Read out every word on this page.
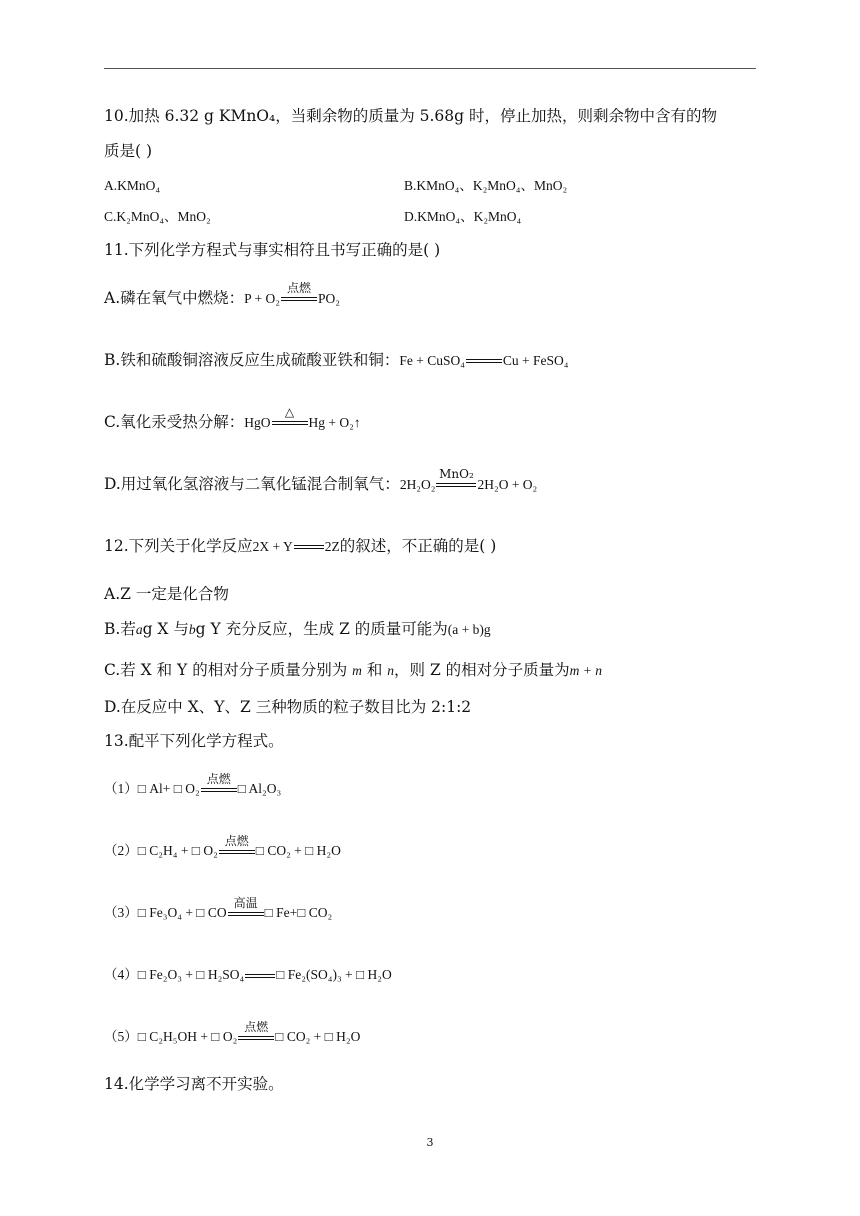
10.加热 6.32 g KMnO₄，当剩余物的质量为 5.68g 时，停止加热，则剩余物中含有的物
质是( )
A.KMnO₄	B.KMnO₄、K₂MnO₄、MnO₂
C.K₂MnO₄、MnO₂	D.KMnO₄、K₂MnO₄
11.下列化学方程式与事实相符且书写正确的是( )
A.磷在氧气中燃烧：P + O₂
点燃
PO₂
B.铁和硫酸铜溶液反应生成硫酸亚铁和铜：Fe + CuSO₄	Cu + FeSO₄
C.氧化汞受热分解：HgO
△
Hg + O₂↑
D.用过氧化氢溶液与二氧化锰混合制氧气：2H₂O₂
MnO₂
2H₂O + O₂
12.下列关于化学反应2X + Y 2Z的叙述，不正确的是( )
A.Z 一定是化合物
B.若ag X 与bg Y 充分反应，生成 Z 的质量可能为(a + b)g
C.若 X 和 Y 的相对分子质量分别为 m 和 n，则 Z 的相对分子质量为m + n
D.在反应中 X、Y、Z 三种物质的粒子数目比为 2:1:2
13.配平下列化学方程式。
（1）□ Al+ □ O₂
点燃
□ Al₂O₃
（2）□ C₂H₄ + □ O₂
点燃
□ CO₂ + □ H₂O
（3）□ Fe₃O₄ + □ CO
高温
□ Fe+□ CO₂
（4）□ Fe₂O₃ + □ H₂SO₄ □ Fe₂(SO₄)₃ + □ H₂O
（5）□ C₂H₅OH + □ O₂
点燃
□ CO₂ + □ H₂O
14.化学学习离不开实验。
3
